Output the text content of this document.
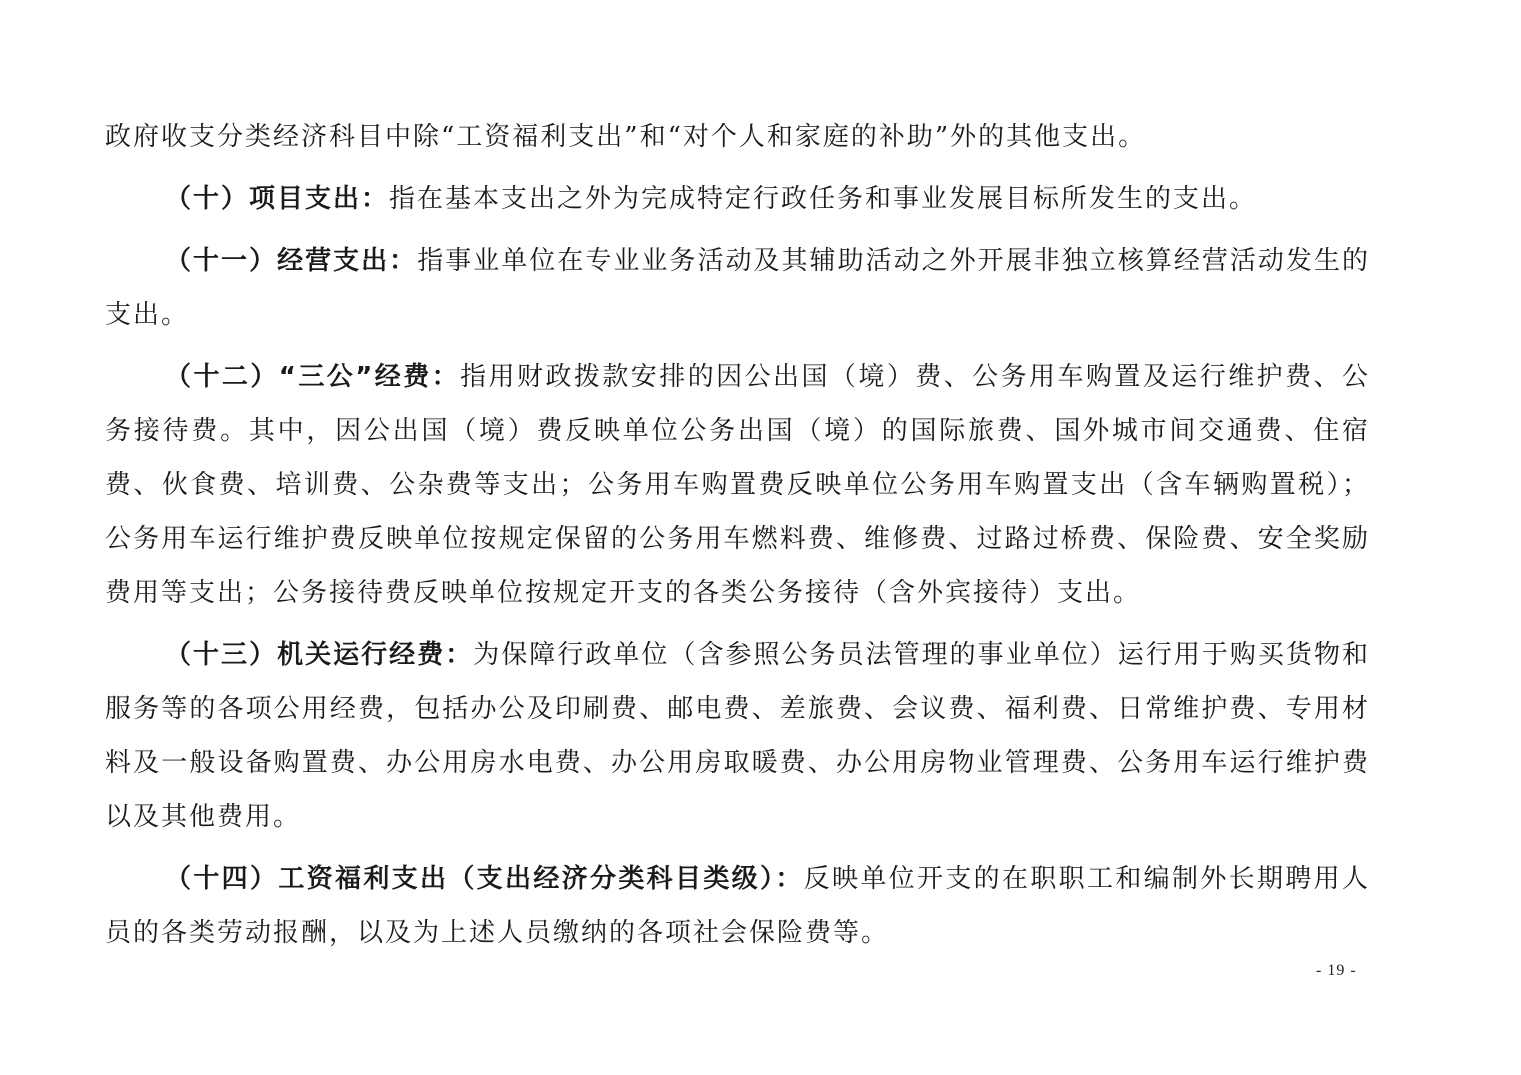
政府收支分类经济科目中除“工资福利支出”和“对个人和家庭的补助”外的其他支出。

（十）项目支出：指在基本支出之外为完成特定行政任务和事业发展目标所发生的支出。

（十一）经营支出：指事业单位在专业业务活动及其辅助活动之外开展非独立核算经营活动发生的支出。

（十二）“三公”经费：指用财政拨款安排的因公出国（境）费、公务用车购置及运行维护费、公务接待费。其中，因公出国（境）费反映单位公务出国（境）的国际旅费、国外城市间交通费、住宿费、伙食费、培训费、公杂费等支出；公务用车购置费反映单位公务用车购置支出（含车辆购置税）；公务用车运行维护费反映单位按规定保留的公务用车燃料费、维修费、过路过桥费、保险费、安全奖励费用等支出；公务接待费反映单位按规定开支的各类公务接待（含外宾接待）支出。

（十三）机关运行经费：为保障行政单位（含参照公务员法管理的事业单位）运行用于购买货物和服务等的各项公用经费，包括办公及印刷费、邮电费、差旅费、会议费、福利费、日常维护费、专用材料及一般设备购置费、办公用房水电费、办公用房取暖费、办公用房物业管理费、公务用车运行维护费以及其他费用。

（十四）工资福利支出（支出经济分类科目类级）：反映单位开支的在职职工和编制外长期聘用人员的各类劳动报酬，以及为上述人员缴纳的各项社会保险费等。

- 19 -
